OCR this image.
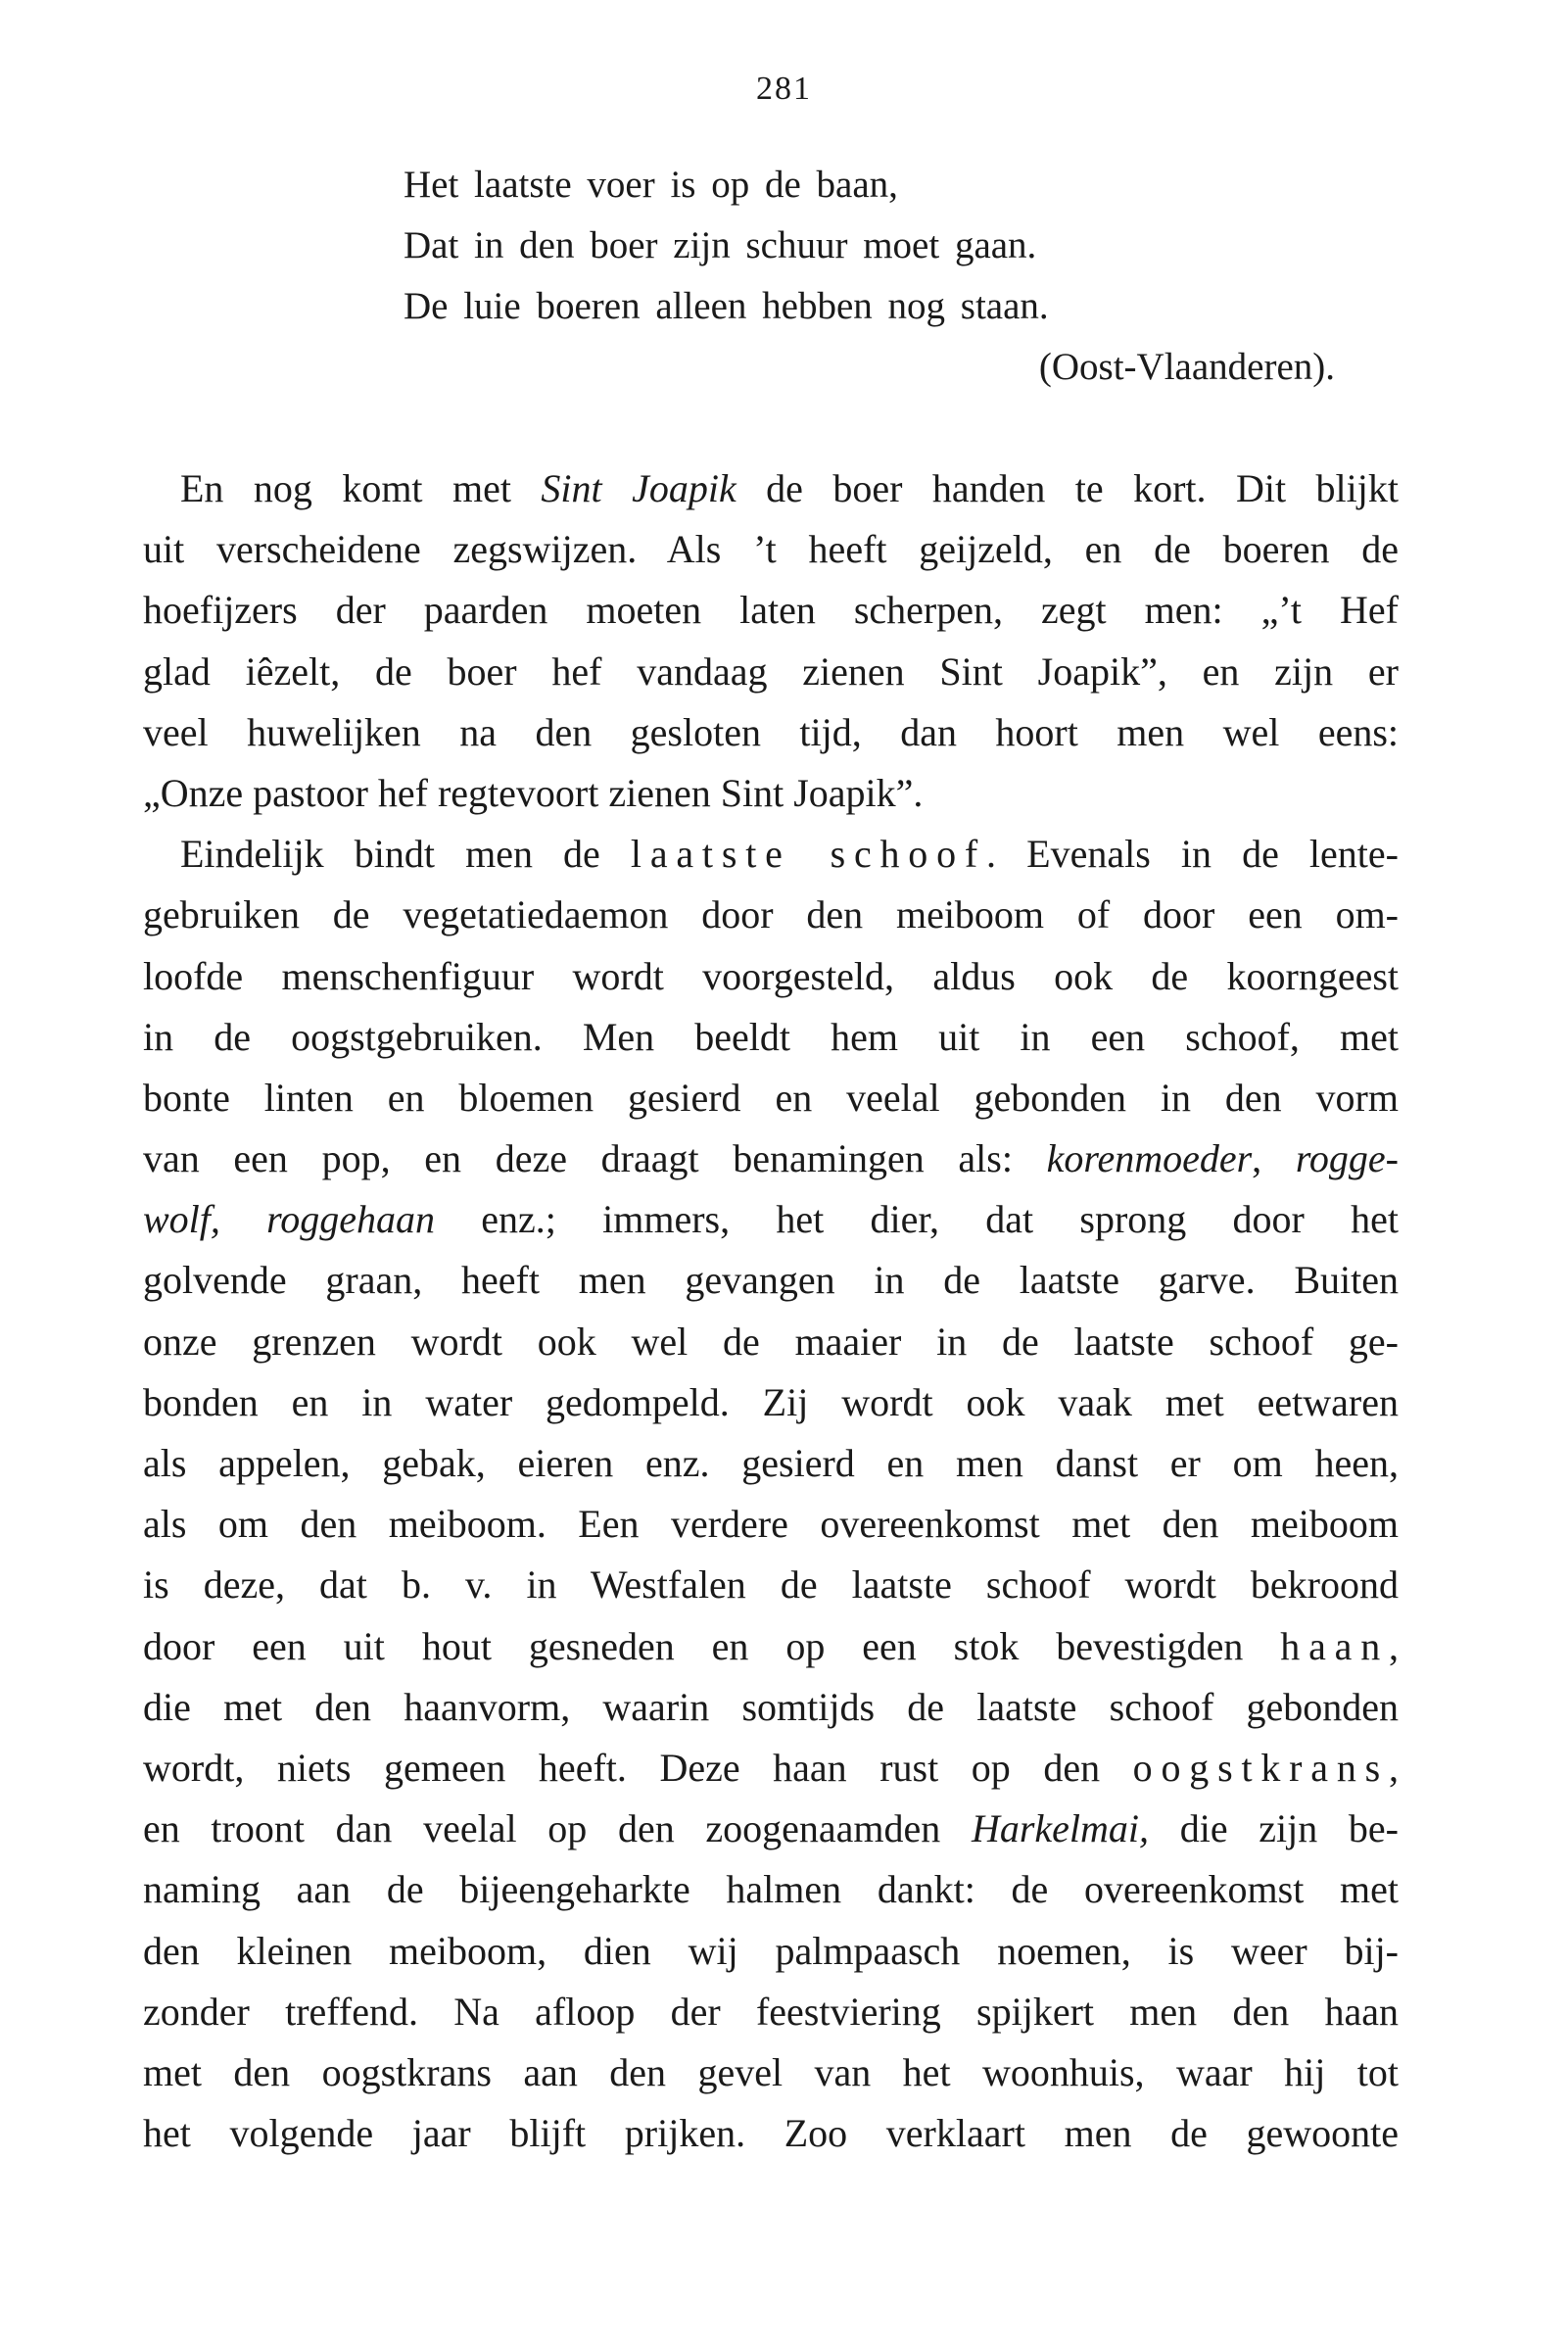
281
Het laatste voer is op de baan,
Dat in den boer zijn schuur moet gaan.
De luie boeren alleen hebben nog staan.
(Oost-Vlaanderen).
En nog komt met Sint Joapik de boer handen te kort. Dit blijkt
uit verscheidene zegswijzen. Als ’t heeft geijzeld, en de boeren de
hoefijzers der paarden moeten laten scherpen, zegt men: „’t Hef
glad iêzelt, de boer hef vandaag zienen Sint Joapik”, en zijn er
veel huwelijken na den gesloten tijd, dan hoort men wel eens:
„Onze pastoor hef regtevoort zienen Sint Joapik”.
Eindelijk bindt men de laatste schoof. Evenals in de lente-
gebruiken de vegetatiedaemon door den meiboom of door een om-
loofde menschenfiguur wordt voorgesteld, aldus ook de koorngeest
in de oogstgebruiken. Men beeldt hem uit in een schoof, met
bonte linten en bloemen gesierd en veelal gebonden in den vorm
van een pop, en deze draagt benamingen als: korenmoeder, rogge-
wolf, roggehaan enz.; immers, het dier, dat sprong door het
golvende graan, heeft men gevangen in de laatste garve. Buiten
onze grenzen wordt ook wel de maaier in de laatste schoof ge-
bonden en in water gedompeld. Zij wordt ook vaak met eetwaren
als appelen, gebak, eieren enz. gesierd en men danst er om heen,
als om den meiboom. Een verdere overeenkomst met den meiboom
is deze, dat b. v. in Westfalen de laatste schoof wordt bekroond
door een uit hout gesneden en op een stok bevestigden haan,
die met den haanvorm, waarin somtijds de laatste schoof gebonden
wordt, niets gemeen heeft. Deze haan rust op den oogstkrans,
en troont dan veelal op den zoogenaamden Harkelmai, die zijn be-
naming aan de bijeengeharkte halmen dankt: de overeenkomst met
den kleinen meiboom, dien wij palmpaasch noemen, is weer bij-
zonder treffend. Na afloop der feestviering spijkert men den haan
met den oogstkrans aan den gevel van het woonhuis, waar hij tot
het volgende jaar blijft prijken. Zoo verklaart men de gewoonte
